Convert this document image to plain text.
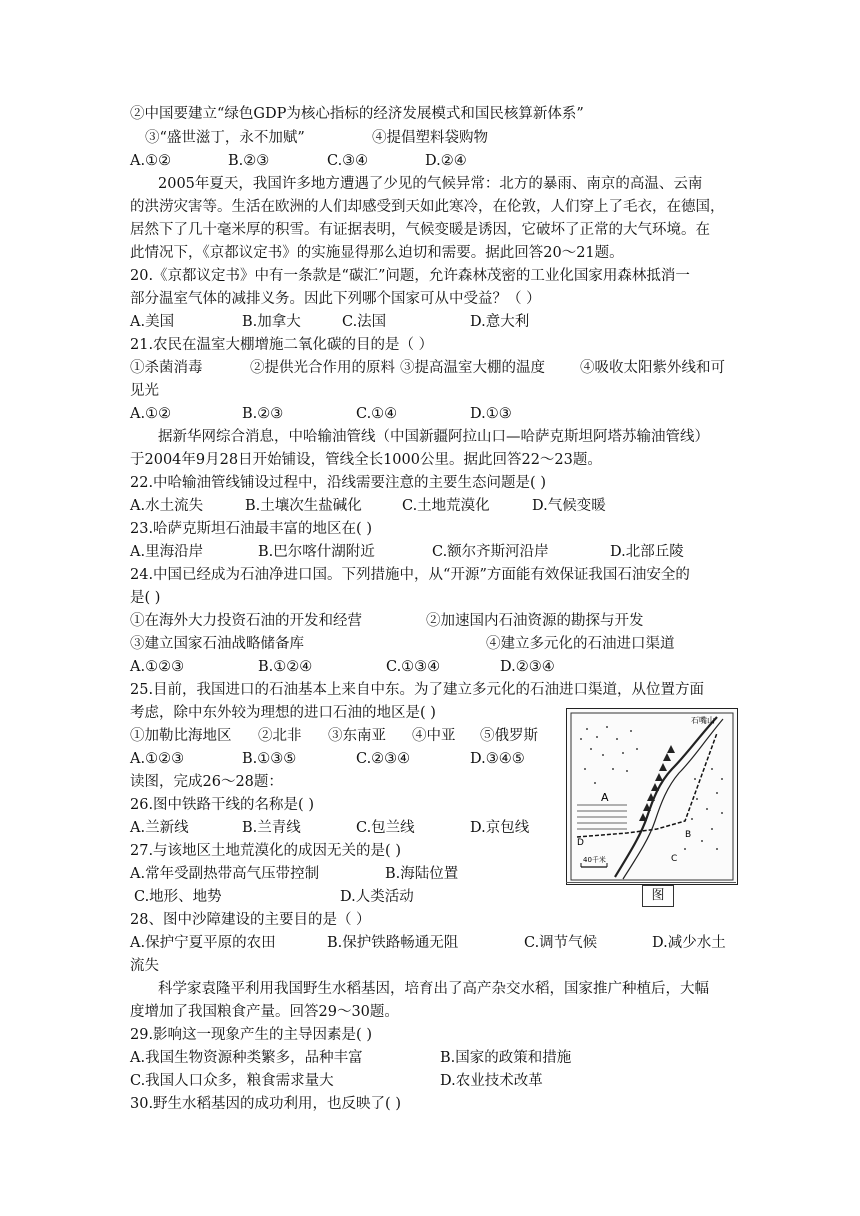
②中国要建立“绿色GDP为核心指标的经济发展模式和国民核算新体系”
③“盛世滋丁，永不加赋”	④提倡塑料袋购物
A.①②	B.②③	C.③④	D.②④
2005年夏天，我国许多地方遭遇了少见的气候异常：北方的暴雨、南京的高温、云南
的洪涝灾害等。生活在欧洲的人们却感受到天如此寒冷，在伦敦，人们穿上了毛衣，在德国，
居然下了几十毫米厚的积雪。有证据表明，气候变暖是诱因，它破坏了正常的大气环境。在
此情况下，《京都议定书》的实施显得那么迫切和需要。据此回答20～21题。
20.《京都议定书》中有一条款是“碳汇”问题，允许森林茂密的工业化国家用森林抵消一
部分温室气体的减排义务。因此下列哪个国家可从中受益？（ ）
A.美国	B.加拿大	C.法国	D.意大利
21.农民在温室大棚增施二氧化碳的目的是（ ）
①杀菌消毒	②提供光合作用的原料 ③提高温室大棚的温度 ④吸收太阳紫外线和可
见光
A.①②	B.②③	C.①④	D.①③
据新华网综合消息，中哈输油管线（中国新疆阿拉山口—哈萨克斯坦阿塔苏输油管线）
于2004年9月28日开始铺设，管线全长1000公里。据此回答22～23题。
22.中哈输油管线铺设过程中，沿线需要注意的主要生态问题是( )
A.水土流失	B.土壤次生盐碱化	C.土地荒漠化	D.气候变暖
23.哈萨克斯坦石油最丰富的地区在( )
A.里海沿岸	B.巴尔喀什湖附近	C.额尔齐斯河沿岸	D.北部丘陵
24.中国已经成为石油净进口国。下列措施中，从“开源”方面能有效保证我国石油安全的
是( )
①在海外大力投资石油的开发和经营	②加速国内石油资源的勘探与开发
③建立国家石油战略储备库	④建立多元化的石油进口渠道
A.①②③	B.①②④	C.①③④	D.②③④
25.目前，我国进口的石油基本上来自中东。为了建立多元化的石油进口渠道，从位置方面
考虑，除中东外较为理想的进口石油的地区是( )
①加勒比海地区 ②北非 ③东南亚 ④中亚 ⑤俄罗斯
A.①②③	B.①③⑤	C.②③④	D.③④⑤
读图，完成26～28题：
26.图中铁路干线的名称是( )
A.兰新线	B.兰青线	C.包兰线	D.京包线
27.与该地区土地荒漠化的成因无关的是( )
A.常年受副热带高气压带控制	B.海陆位置
C.地形、地势	D.人类活动
28、图中沙障建设的主要目的是（ ）
A.保护宁夏平原的农田	B.保护铁路畅通无阻	C.调节气候	D.减少水土
流失
科学家袁隆平利用我国野生水稻基因，培育出了高产杂交水稻，国家推广种植后，大幅
度增加了我国粮食产量。回答29～30题。
29.影响这一现象产生的主导因素是( )
A.我国生物资源种类繁多，品种丰富	B.国家的政策和措施
C.我国人口众多，粮食需求量大	D.农业技术改革
30.野生水稻基因的成功利用，也反映了( )
A
D
B
C
石嘴山
40千米
图
